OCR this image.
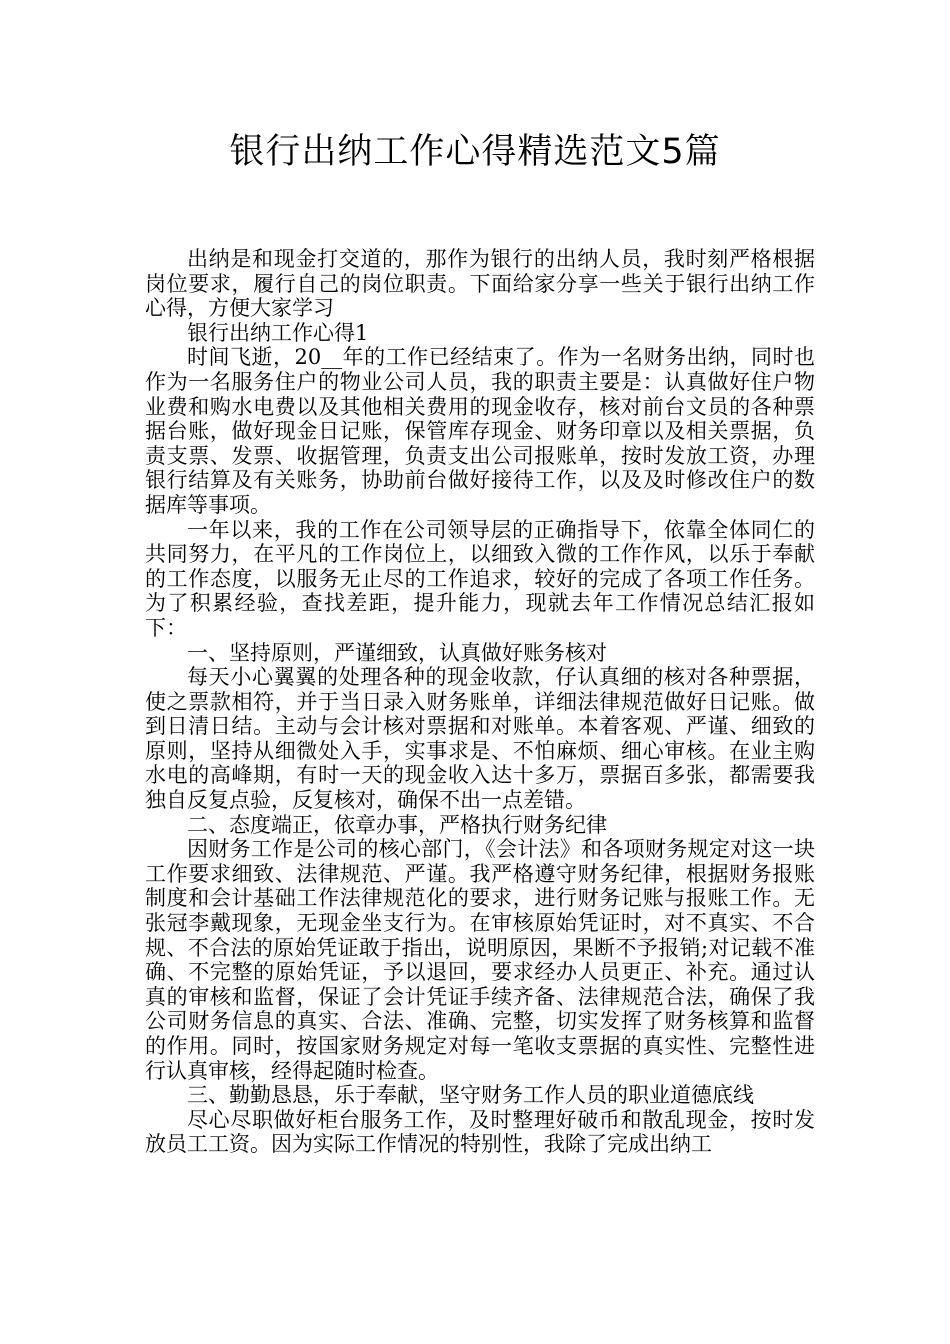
银行出纳工作心得精选范文5篇

出纳是和现金打交道的，那作为银行的出纳人员，我时刻严格根据岗位要求，履行自己的岗位职责。下面给家分享一些关于银行出纳工作心得，方便大家学习

银行出纳工作心得1

时间飞逝，20__年的工作已经结束了。作为一名财务出纳，同时也作为一名服务住户的物业公司人员，我的职责主要是：认真做好住户物业费和购水电费以及其他相关费用的现金收存，核对前台文员的各种票据台账，做好现金日记账，保管库存现金、财务印章以及相关票据，负责支票、发票、收据管理，负责支出公司报账单，按时发放工资，办理银行结算及有关账务，协助前台做好接待工作，以及及时修改住户的数据库等事项。

一年以来，我的工作在公司领导层的正确指导下，依靠全体同仁的共同努力，在平凡的工作岗位上，以细致入微的工作作风，以乐于奉献的工作态度，以服务无止尽的工作追求，较好的完成了各项工作任务。为了积累经验，查找差距，提升能力，现就去年工作情况总结汇报如下：

一、坚持原则，严谨细致，认真做好账务核对

每天小心翼翼的处理各种的现金收款，仔认真细的核对各种票据，使之票款相符，并于当日录入财务账单，详细法律规范做好日记账。做到日清日结。主动与会计核对票据和对账单。本着客观、严谨、细致的原则，坚持从细微处入手，实事求是、不怕麻烦、细心审核。在业主购水电的高峰期，有时一天的现金收入达十多万，票据百多张，都需要我独自反复点验，反复核对，确保不出一点差错。

二、态度端正，依章办事，严格执行财务纪律

因财务工作是公司的核心部门，《会计法》和各项财务规定对这一块工作要求细致、法律规范、严谨。我严格遵守财务纪律，根据财务报账制度和会计基础工作法律规范化的要求，进行财务记账与报账工作。无张冠李戴现象，无现金坐支行为。在审核原始凭证时，对不真实、不合规、不合法的原始凭证敢于指出，说明原因，果断不予报销;对记载不准确、不完整的原始凭证，予以退回，要求经办人员更正、补充。通过认真的审核和监督，保证了会计凭证手续齐备、法律规范合法，确保了我公司财务信息的真实、合法、准确、完整，切实发挥了财务核算和监督的作用。同时，按国家财务规定对每一笔收支票据的真实性、完整性进行认真审核，经得起随时检查。

三、勤勤恳恳，乐于奉献，坚守财务工作人员的职业道德底线

尽心尽职做好柜台服务工作，及时整理好破币和散乱现金，按时发放员工工资。因为实际工作情况的特别性，我除了完成出纳工
